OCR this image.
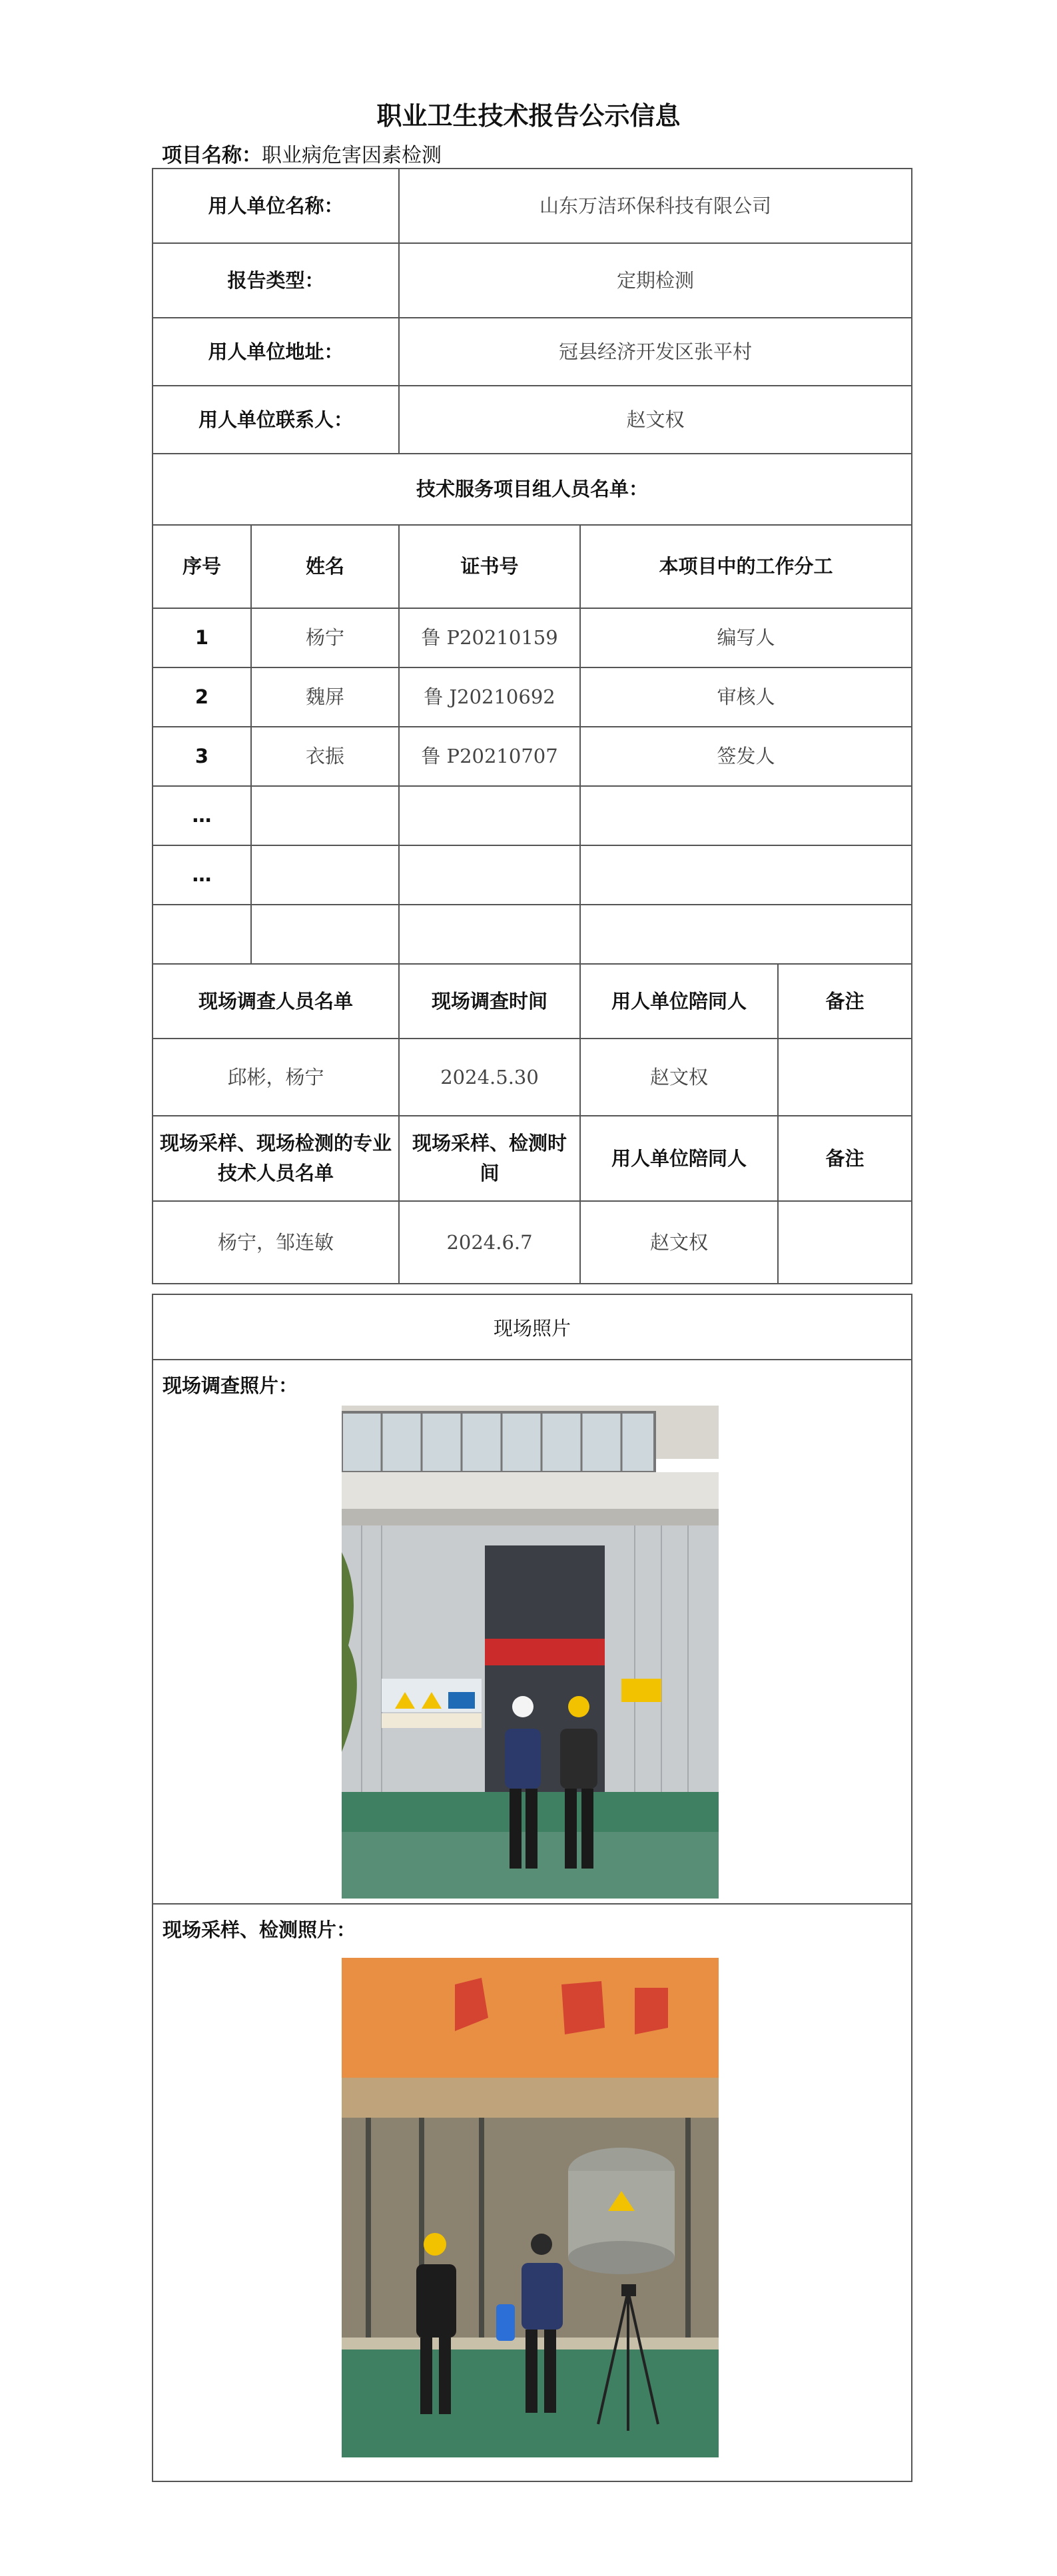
职业卫生技术报告公示信息
项目名称：职业病危害因素检测
用人单位名称：		山东万洁环保科技有限公司		
报告类型：		定期检测		
用人单位地址：		冠县经济开发区张平村		
用人单位联系人：		赵文权		
技术服务项目组人员名单：				
序号	姓名	证书号	本项目中的工作分工	
1	杨宁	鲁 P20210159	编写人	
2	魏屏	鲁 J20210692	审核人	
3	衣振	鲁 P20210707	签发人	
…				
…				

现场调查人员名单		现场调查时间	用人单位陪同人	备注
邱彬，杨宁		2024.5.30	赵文权	
现场采样、现场检测的专业技术人员名单		现场采样、检测时间	用人单位陪同人	备注
杨宁，邹连敏		2024.6.7	赵文权	
现场照片
现场调查照片：
现场采样、检测照片：
